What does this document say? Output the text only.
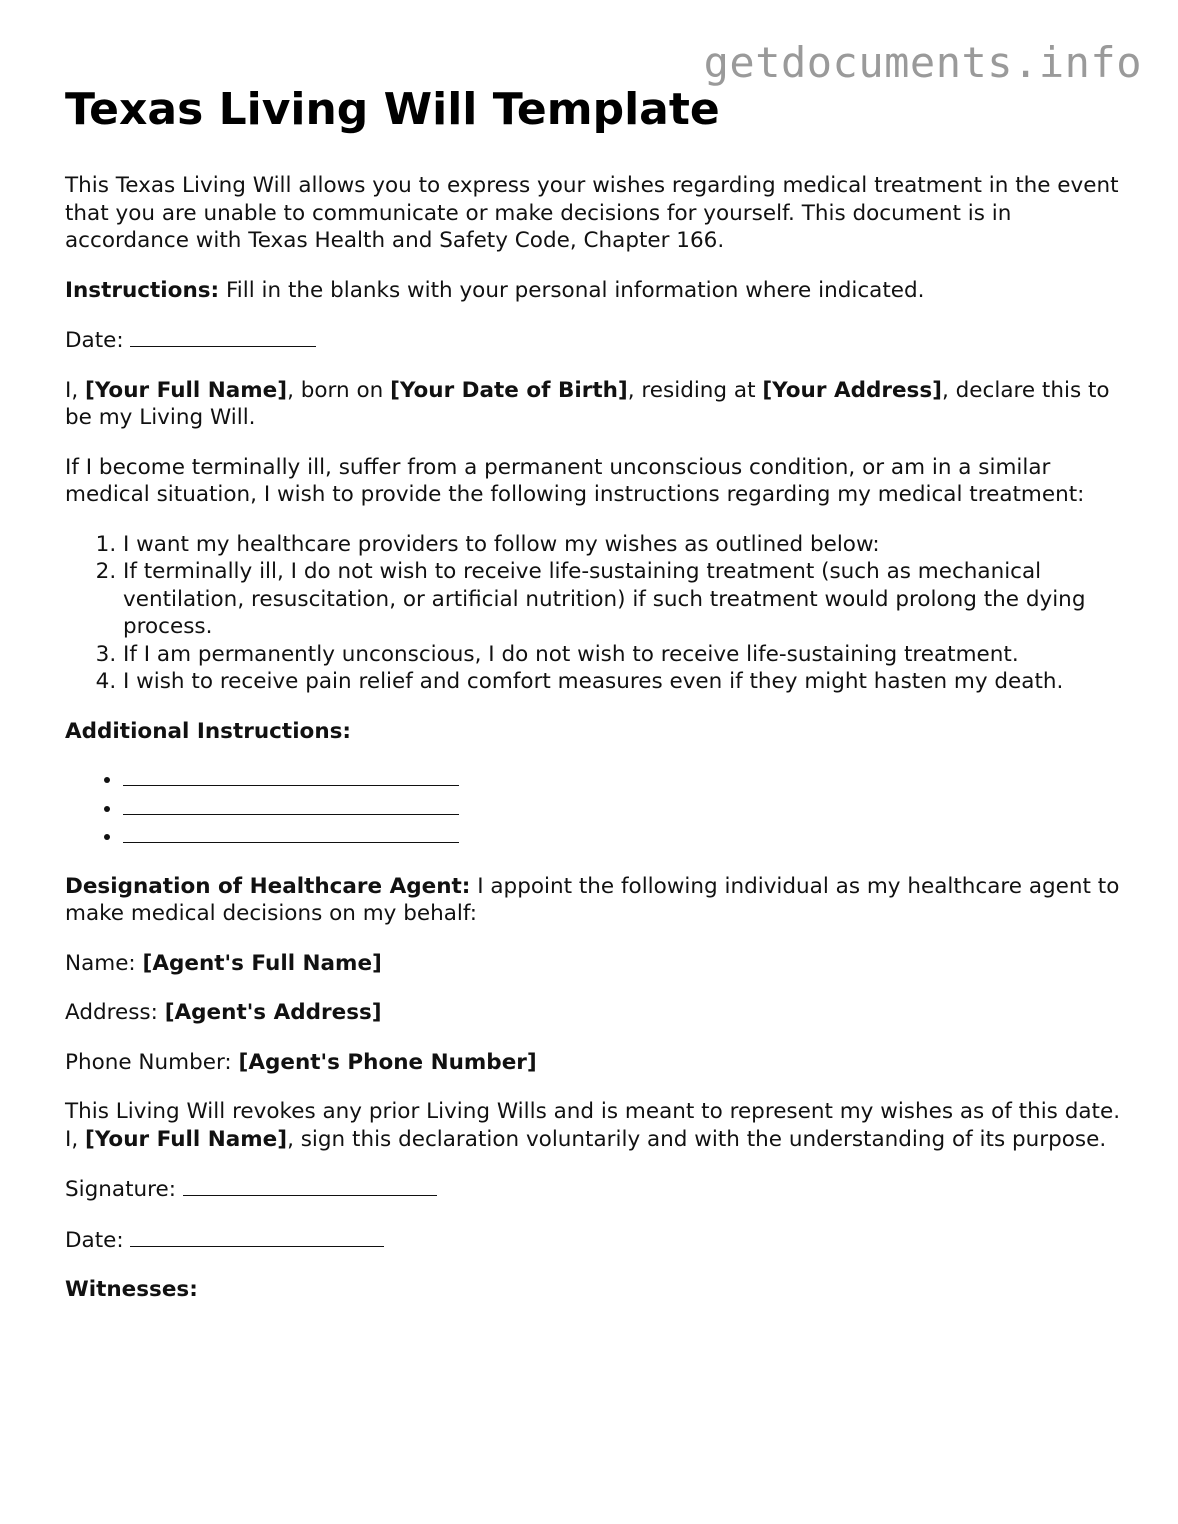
getdocuments.info
Texas Living Will Template

This Texas Living Will allows you to express your wishes regarding medical treatment in the event that you are unable to communicate or make decisions for yourself. This document is in accordance with Texas Health and Safety Code, Chapter 166.

Instructions: Fill in the blanks with your personal information where indicated.

Date:

I, [Your Full Name], born on [Your Date of Birth], residing at [Your Address], declare this to be my Living Will.

If I become terminally ill, suffer from a permanent unconscious condition, or am in a similar medical situation, I wish to provide the following instructions regarding my medical treatment:

1. I want my healthcare providers to follow my wishes as outlined below:
2. If terminally ill, I do not wish to receive life-sustaining treatment (such as mechanical ventilation, resuscitation, or artificial nutrition) if such treatment would prolong the dying process.
3. If I am permanently unconscious, I do not wish to receive life-sustaining treatment.
4. I wish to receive pain relief and comfort measures even if they might hasten my death.

Additional Instructions:

•
•
•

Designation of Healthcare Agent: I appoint the following individual as my healthcare agent to make medical decisions on my behalf:

Name: [Agent's Full Name]

Address: [Agent's Address]

Phone Number: [Agent's Phone Number]

This Living Will revokes any prior Living Wills and is meant to represent my wishes as of this date. I, [Your Full Name], sign this declaration voluntarily and with the understanding of its purpose.

Signature:

Date:

Witnesses:
